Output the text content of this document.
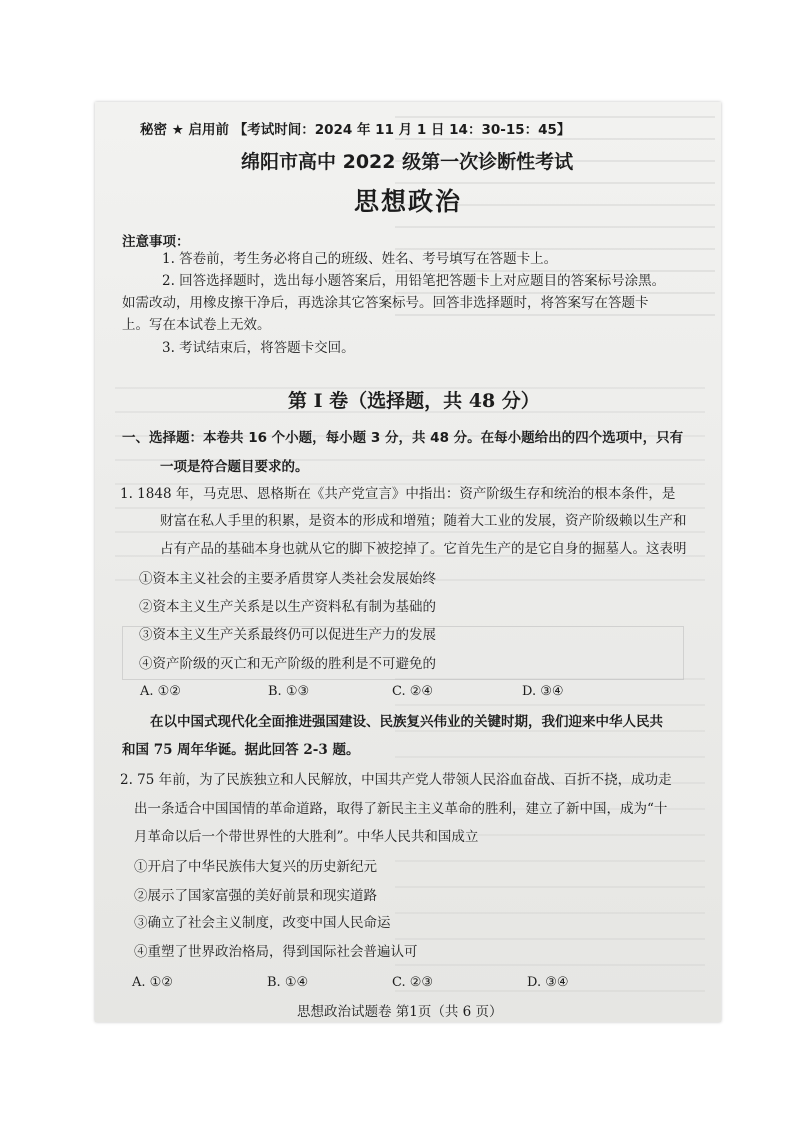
秘密 ★ 启用前 【考试时间：2024 年 11 月 1 日 14：30-15：45】
绵阳市高中 2022 级第一次诊断性考试
思想政治
注意事项：
1. 答卷前，考生务必将自己的班级、姓名、考号填写在答题卡上。
2. 回答选择题时，选出每小题答案后，用铅笔把答题卡上对应题目的答案标号涂黑。
如需改动，用橡皮擦干净后，再选涂其它答案标号。回答非选择题时，将答案写在答题卡
上。写在本试卷上无效。
3. 考试结束后，将答题卡交回。
第 I 卷（选择题，共 48 分）
一、选择题：本卷共 16 个小题，每小题 3 分，共 48 分。在每小题给出的四个选项中，只有
一项是符合题目要求的。
1. 1848 年，马克思、恩格斯在《共产党宣言》中指出：资产阶级生存和统治的根本条件，是
财富在私人手里的积累，是资本的形成和增殖；随着大工业的发展，资产阶级赖以生产和
占有产品的基础本身也就从它的脚下被挖掉了。它首先生产的是它自身的掘墓人。这表明
①资本主义社会的主要矛盾贯穿人类社会发展始终
②资本主义生产关系是以生产资料私有制为基础的
③资本主义生产关系最终仍可以促进生产力的发展
④资产阶级的灭亡和无产阶级的胜利是不可避免的
A. ①②	B. ①③	C. ②④	D. ③④
在以中国式现代化全面推进强国建设、民族复兴伟业的关键时期，我们迎来中华人民共
和国 75 周年华诞。据此回答 2-3 题。
2. 75 年前，为了民族独立和人民解放，中国共产党人带领人民浴血奋战、百折不挠，成功走
出一条适合中国国情的革命道路，取得了新民主主义革命的胜利，建立了新中国，成为“十
月革命以后一个带世界性的大胜利”。中华人民共和国成立
①开启了中华民族伟大复兴的历史新纪元
②展示了国家富强的美好前景和现实道路
③确立了社会主义制度，改变中国人民命运
④重塑了世界政治格局，得到国际社会普遍认可
A. ①②	B. ①④	C. ②③	D. ③④
思想政治试题卷 第1页（共 6 页）
